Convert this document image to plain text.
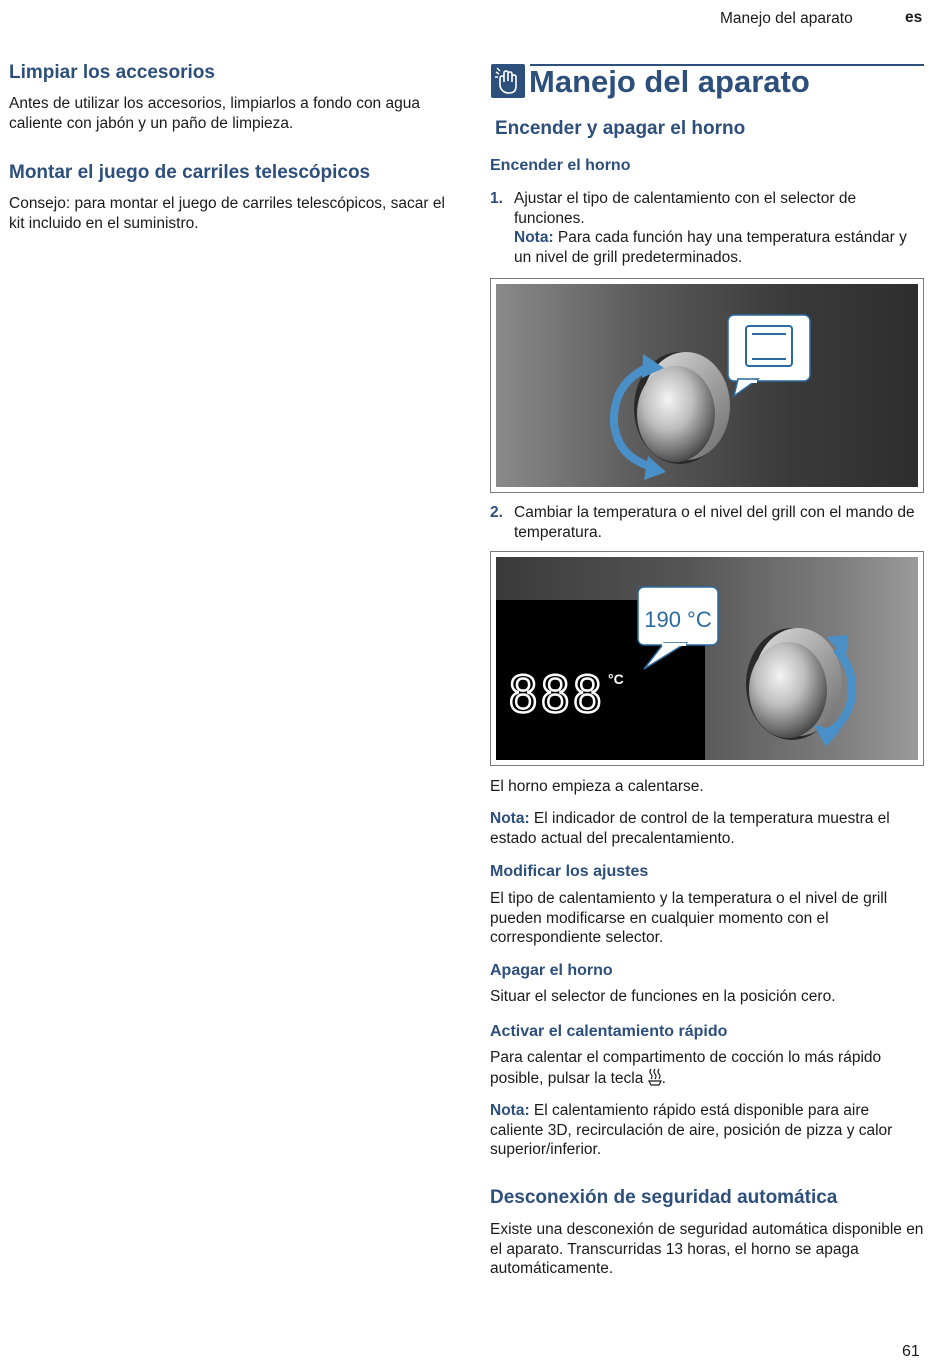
Manejo del aparato	es
Limpiar los accesorios
Antes de utilizar los accesorios, limpiarlos a fondo con agua caliente con jabón y un paño de limpieza.
Montar el juego de carriles telescópicos
Consejo: para montar el juego de carriles telescópicos, sacar el kit incluido en el suministro.
Manejo del aparato
Encender y apagar el horno
Encender el horno
1. Ajustar el tipo de calentamiento con el selector de funciones.
Nota: Para cada función hay una temperatura estándar y un nivel de grill predeterminados.
2. Cambiar la temperatura o el nivel del grill con el mando de temperatura.
888 °C
190 °C
El horno empieza a calentarse.
Nota: El indicador de control de la temperatura muestra el estado actual del precalentamiento.
Modificar los ajustes
El tipo de calentamiento y la temperatura o el nivel de grill pueden modificarse en cualquier momento con el correspondiente selector.
Apagar el horno
Situar el selector de funciones en la posición cero.
Activar el calentamiento rápido
Para calentar el compartimento de cocción lo más rápido posible, pulsar la tecla .
Nota: El calentamiento rápido está disponible para aire caliente 3D, recirculación de aire, posición de pizza y calor superior/inferior.
Desconexión de seguridad automática
Existe una desconexión de seguridad automática disponible en el aparato. Transcurridas 13 horas, el horno se apaga automáticamente.
61
